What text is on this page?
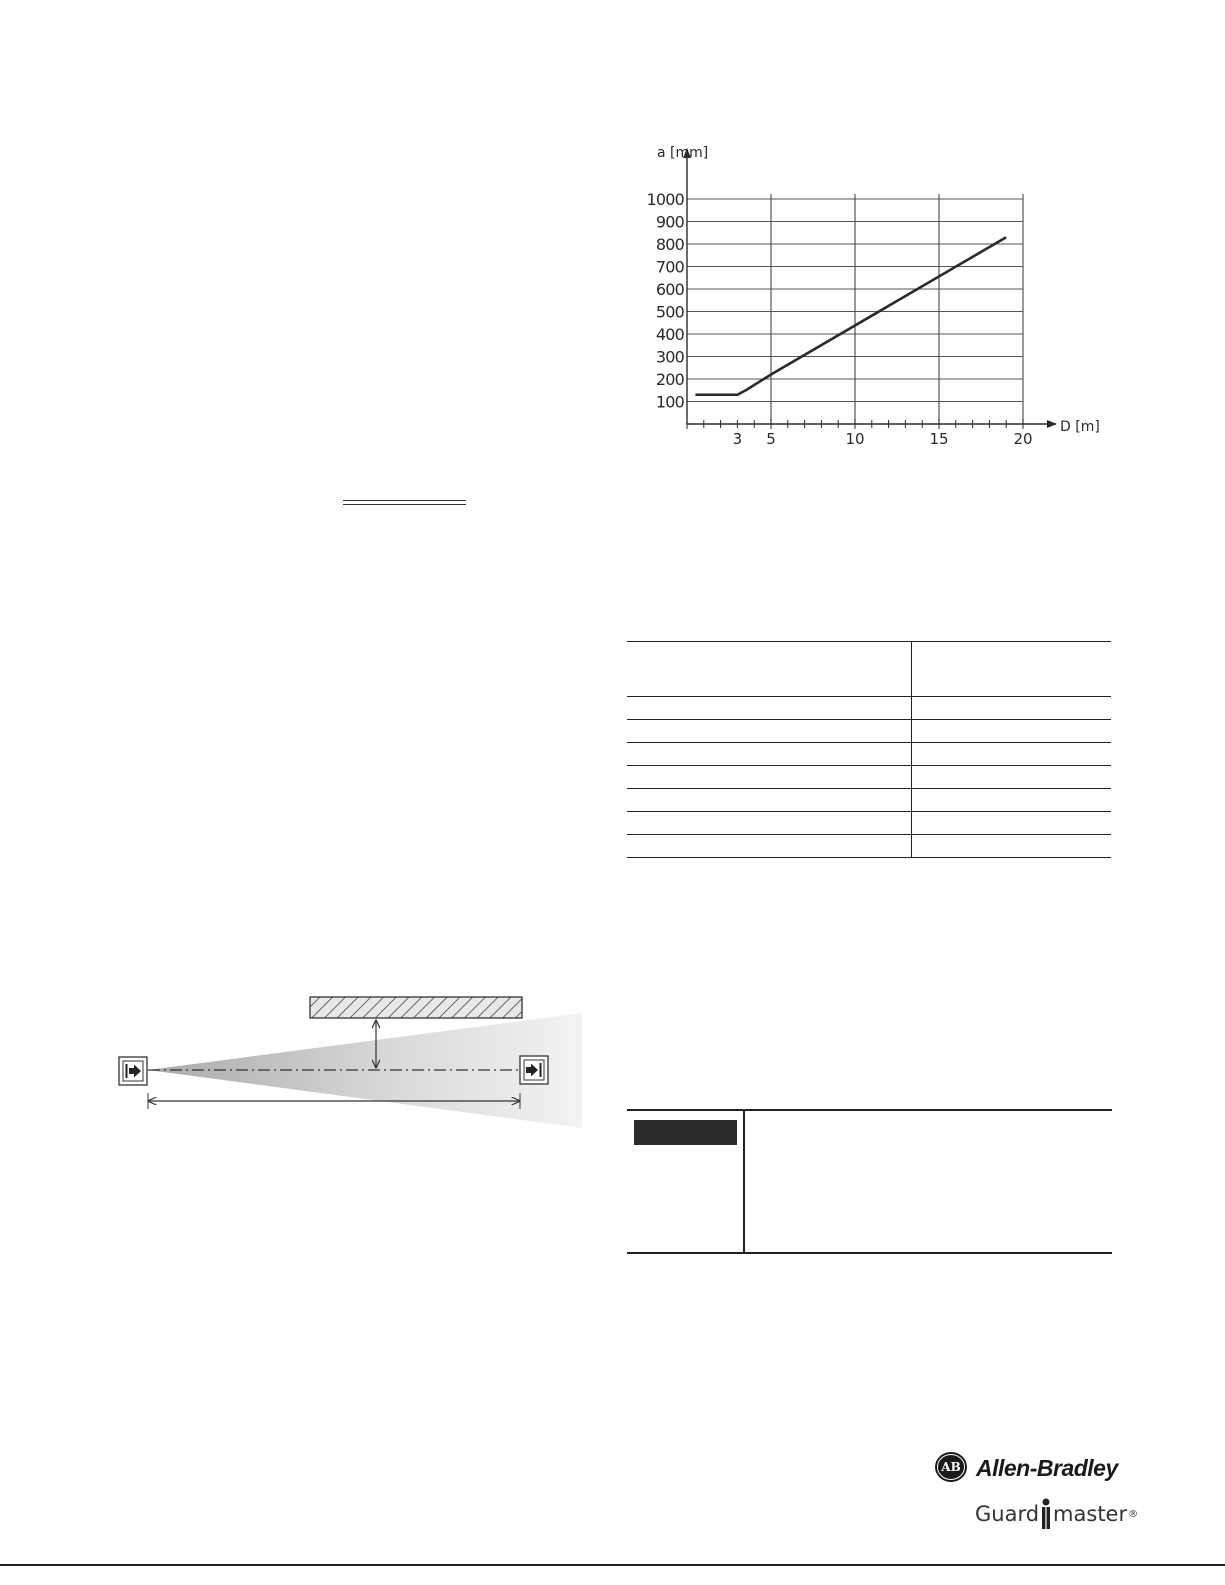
100
200
300
400
500
600
700
800
900
1000
3 5	10	15	20
a [mm]
D [m]

AB Allen-Bradley
Guard master ®
